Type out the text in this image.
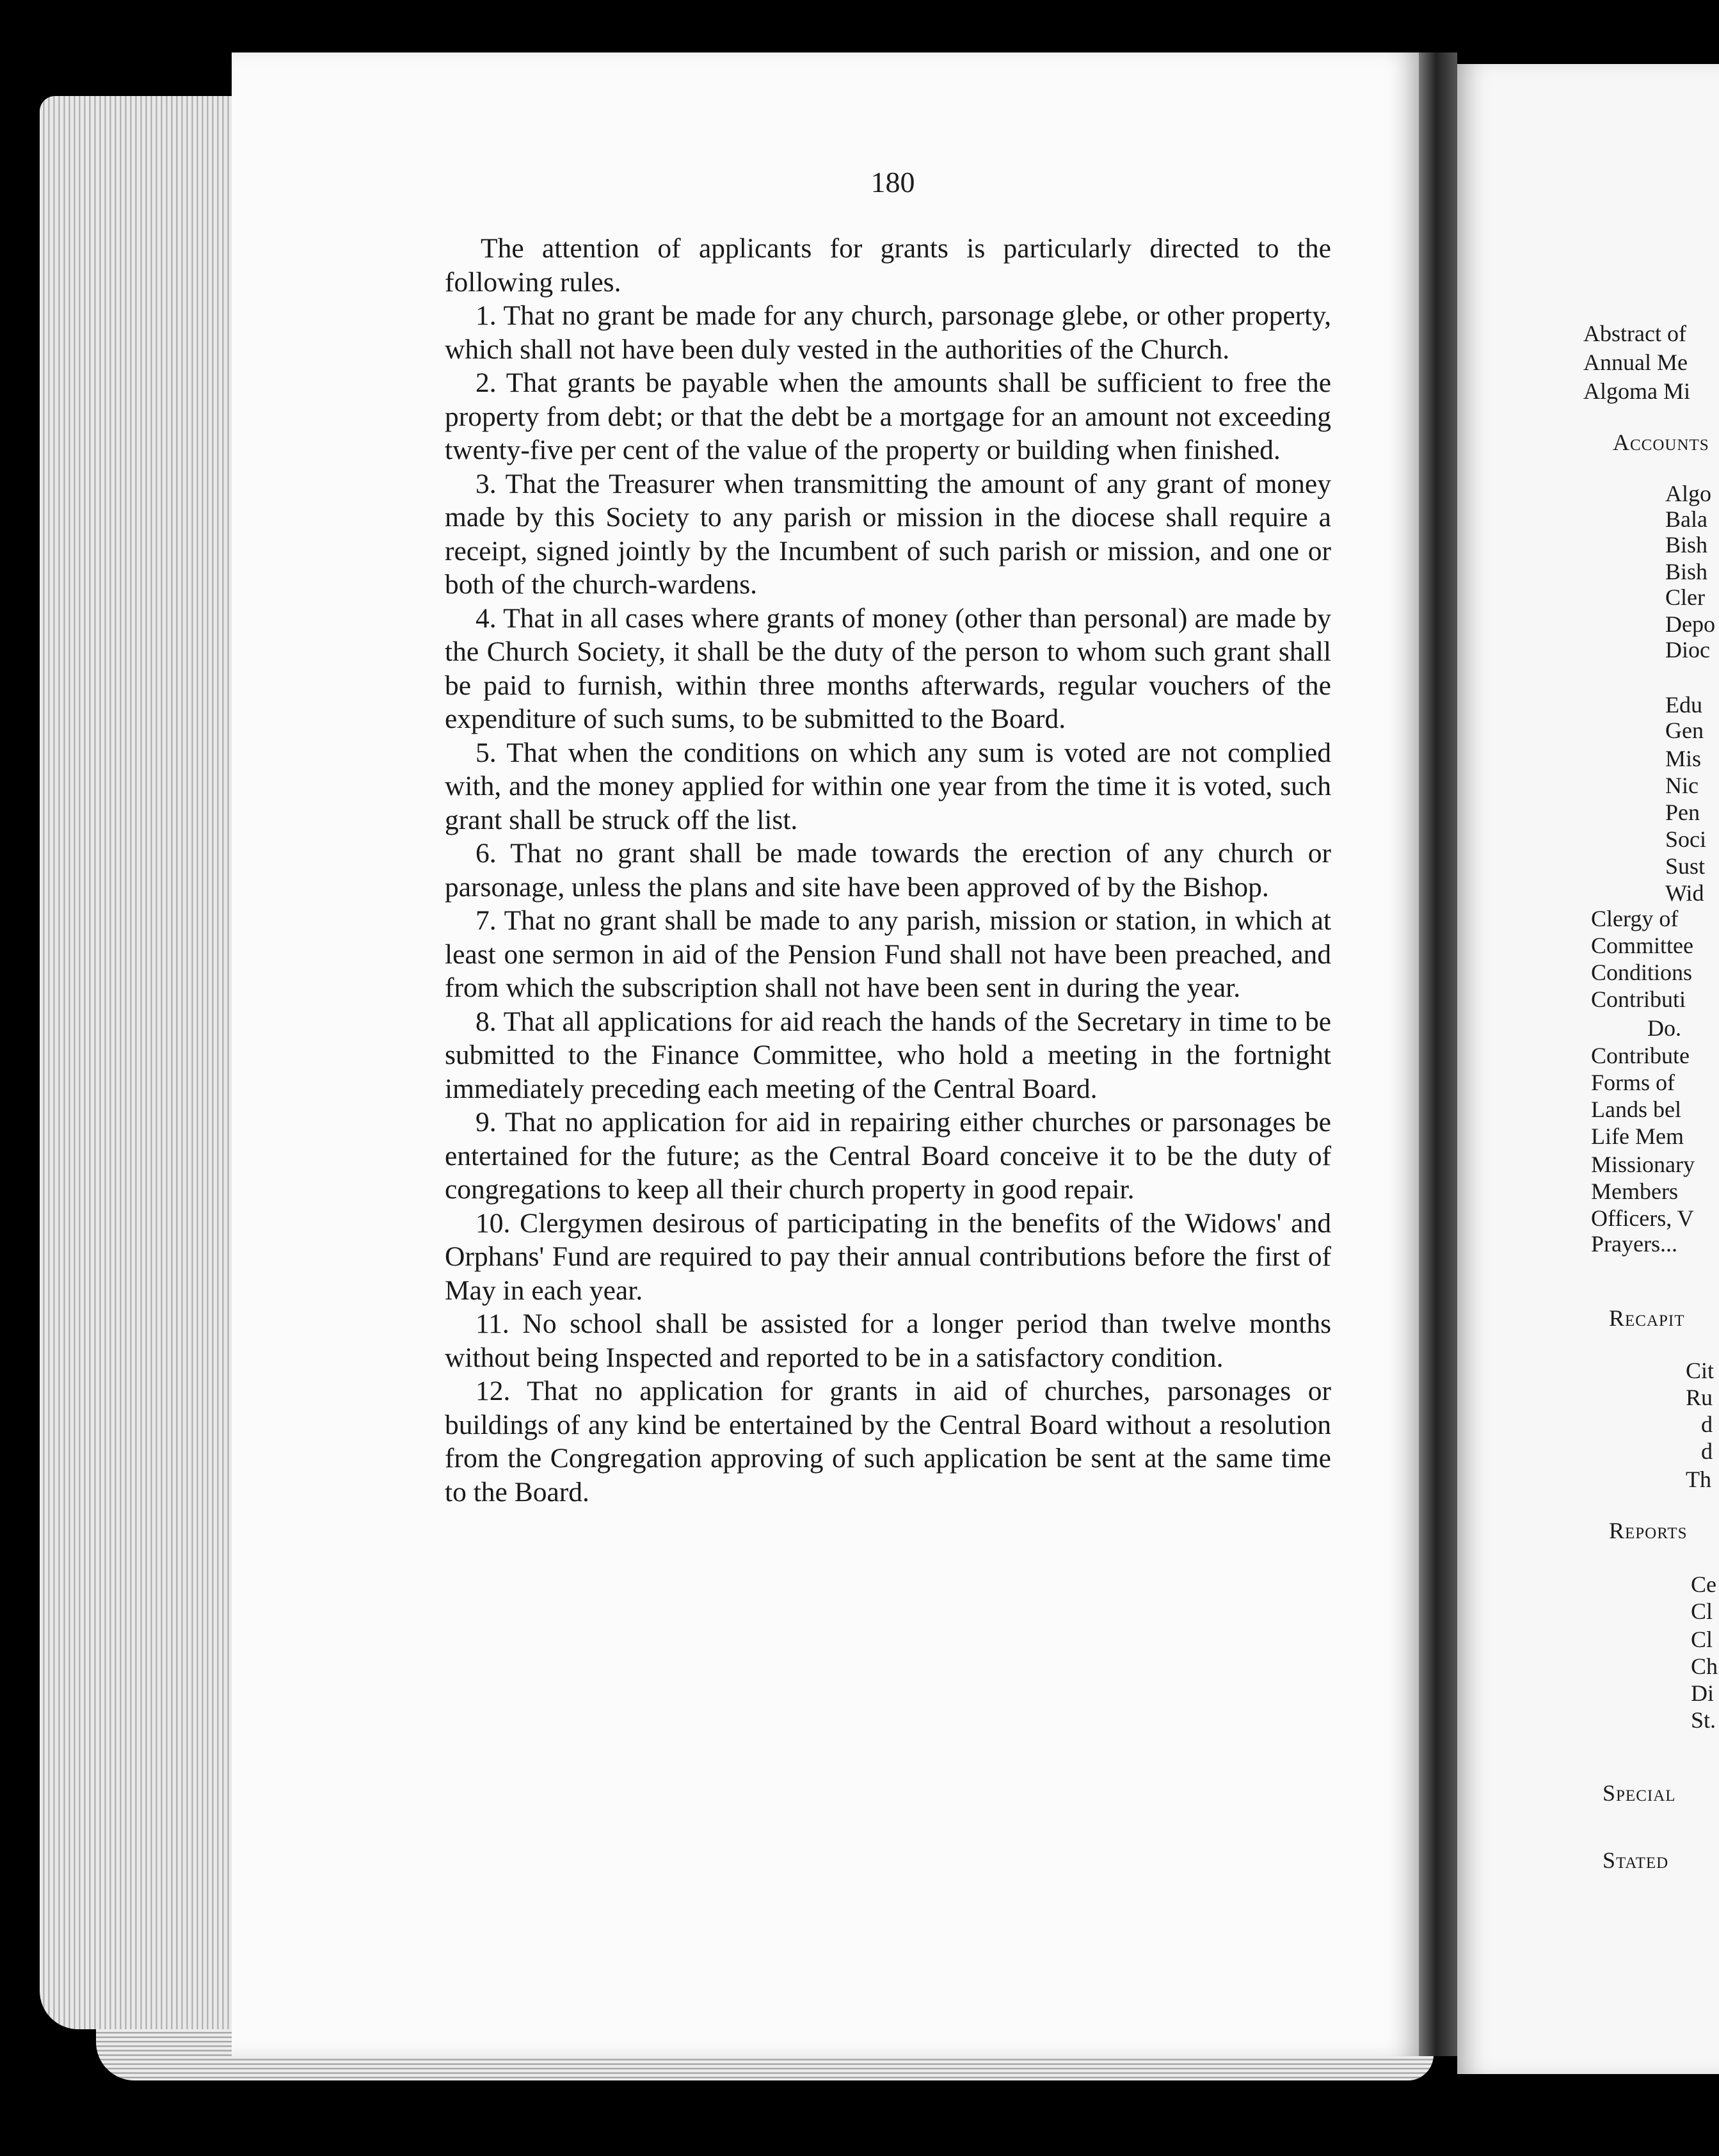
180

The attention of applicants for grants is particularly directed to the following rules.

1. That no grant be made for any church, parsonage glebe, or other property, which shall not have been duly vested in the authorities of the Church.

2. That grants be payable when the amounts shall be sufficient to free the property from debt; or that the debt be a mortgage for an amount not exceeding twenty-five per cent of the value of the property or building when finished.

3. That the Treasurer when transmitting the amount of any grant of money made by this Society to any parish or mission in the diocese shall require a receipt, signed jointly by the Incumbent of such parish or mission, and one or both of the church-wardens.

4. That in all cases where grants of money (other than personal) are made by the Church Society, it shall be the duty of the person to whom such grant shall be paid to furnish, within three months afterwards, regular vouchers of the expenditure of such sums, to be submitted to the Board.

5. That when the conditions on which any sum is voted are not complied with, and the money applied for within one year from the time it is voted, such grant shall be struck off the list.

6. That no grant shall be made towards the erection of any church or parsonage, unless the plans and site have been approved of by the Bishop.

7. That no grant shall be made to any parish, mission or station, in which at least one sermon in aid of the Pension Fund shall not have been preached, and from which the subscription shall not have been sent in during the year.

8. That all applications for aid reach the hands of the Secretary in time to be submitted to the Finance Committee, who hold a meeting in the fortnight immediately preceding each meeting of the Central Board.

9. That no application for aid in repairing either churches or parsonages be entertained for the future; as the Central Board conceive it to be the duty of congregations to keep all their church property in good repair.

10. Clergymen desirous of participating in the benefits of the Widows' and Orphans' Fund are required to pay their annual contributions before the first of May in each year.

11. No school shall be assisted for a longer period than twelve months without being Inspected and reported to be in a satisfactory condition.

12. That no application for grants in aid of churches, parsonages or buildings of any kind be entertained by the Central Board without a resolution from the Congregation approving of such application be sent at the same time to the Board.

Abstract of
Annual Me
Algoma Mi
Accounts
Algo
Bala
Bish
Bish
Cler
Depo
Dioc
Edu
Gen
Mis
Nic
Pen
Soci
Sust
Wid
Clergy of
Committee
Conditions
Contributi
Do.
Contribute
Forms of
Lands bel
Life Mem
Missionary
Members
Officers, V
Prayers...
Recapit
Cit
Ru
d
d
Th
Reports
Ce
Cl
Cl
Ch
Di
St.
Special
Stated
